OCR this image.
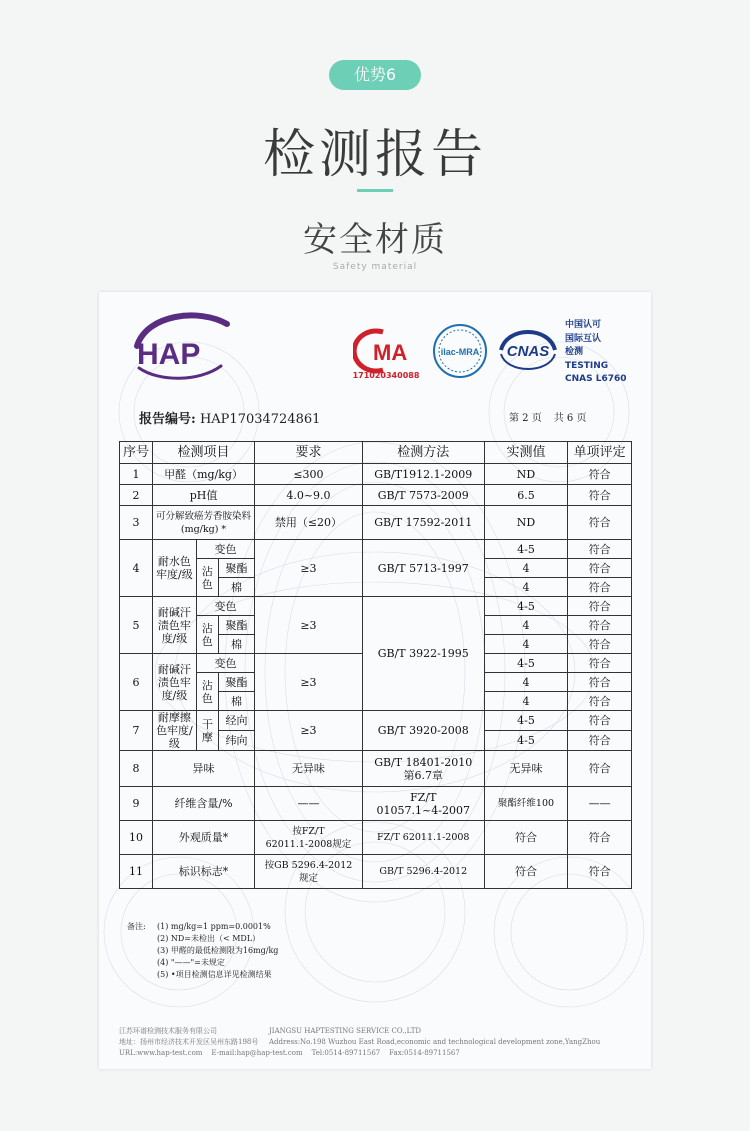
优势6
检测报告
安全材质
Safety material
HAP	MA
171020340088
ilac-MRA CNAS
中国认可
国际互认
检测
TESTING
CNAS L6760
报告编号: HAP17034724861	第 2 页 共 6 页
序号	检测项目			要求	检测方法	实测值	单项评定
1	甲醛（mg/kg）			≤300	GB/T1912.1-2009	ND	符合
2	pH值			4.0~9.0	GB/T 7573-2009	6.5	符合
3	可分解致癌芳香胺染料
(mg/kg) *			禁用（≤20）	GB/T 17592-2011	ND	符合
4	耐水色牢度/级	变色		≥3	GB/T 5713-1997	4-5	符合
		沾色	聚酯			4	符合
			棉			4	符合
5	耐碱汗渍色牢度/级	变色		≥3	GB/T 3922-1995	4-5	符合
		沾色	聚酯			4	符合
			棉			4	符合
6	耐碱汗渍色牢度/级	变色		≥3		4-5	符合
		沾色	聚酯			4	符合
			棉			4	符合
7	耐摩擦色牢度/级	干摩	经向	≥3	GB/T 3920-2008	4-5	符合
			纬向			4-5	符合
8	异味			无异味	GB/T 18401-2010
第6.7章	无异味	符合
9	纤维含量/%			——	FZ/T
01057.1~4-2007	聚酯纤维100	——
10	外观质量*			按FZ/T
62011.1-2008规定	FZ/T 62011.1-2008	符合	符合
11	标识标志*			按GB 5296.4-2012
规定	GB/T 5296.4-2012	符合	符合
备注: (1) mg/kg=1 ppm=0.0001%
(2) ND=未检出（< MDL）
(3) 甲醛的最低检测限为16mg/kg
(4) "——"=未规定
(5) •项目检测信息详见检测结果
江苏环谱检测技术服务有限公司	JIANGSU HAPTESTING SERVICE CO.,LTD
地址：扬州市经济技术开发区吴州东路198号 Address:No.198 Wuzhou East Road,economic and technological development zone,YangZhou
URL:www.hap-test.com E-mail:hap@hap-test.com Tel:0514-89711567 Fax:0514-89711567
